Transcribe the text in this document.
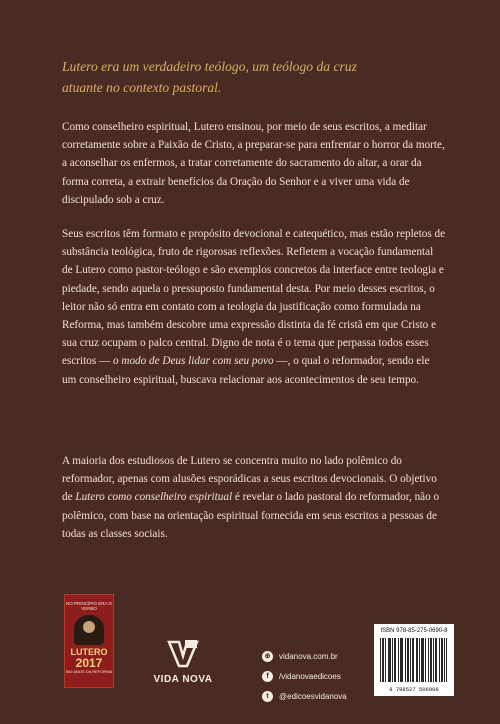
Lutero era um verdadeiro teólogo, um teólogo da cruz
atuante no contexto pastoral.

Como conselheiro espiritual, Lutero ensinou, por meio de seus escritos, a meditar corretamente sobre a Paixão de Cristo, a preparar-se para enfrentar o horror da morte, a aconselhar os enfermos, a tratar corretamente do sacramento do altar, a orar da forma correta, a extrair benefícios da Oração do Senhor e a viver uma vida de discipulado sob a cruz.

Seus escritos têm formato e propósito devocional e catequético, mas estão repletos de substância teológica, fruto de rigorosas reflexões. Refletem a vocação fundamental de Lutero como pastor-teólogo e são exemplos concretos da interface entre teologia e piedade, sendo aquela o pressuposto fundamental desta. Por meio desses escritos, o leitor não só entra em contato com a teologia da justificação como formulada na Reforma, mas também descobre uma expressão distinta da fé cristã em que Cristo e sua cruz ocupam o palco central. Digno de nota é o tema que perpassa todos esses escritos — o modo de Deus lidar com seu povo —, o qual o reformador, sendo ele um conselheiro espiritual, buscava relacionar aos acontecimentos de seu tempo.

A maioria dos estudiosos de Lutero se concentra muito no lado polêmico do reformador, apenas com alusões esporádicas a seus escritos devocionais. O objetivo de Lutero como conselheiro espiritual é revelar o lado pastoral do reformador, não o polêmico, com base na orientação espiritual fornecida em seus escritos a pessoas de todas as classes sociais.

NO PRINCÍPIO ERA O VERBO
LUTERO
2017
500 ANOS DA REFORMA
VIDA NOVA
⊕	vidanova.com.br
f	/vidanovaedicoes
t	@edicoesvidanova
ISBN 978-85-275-0690-8
9 788527 506908
